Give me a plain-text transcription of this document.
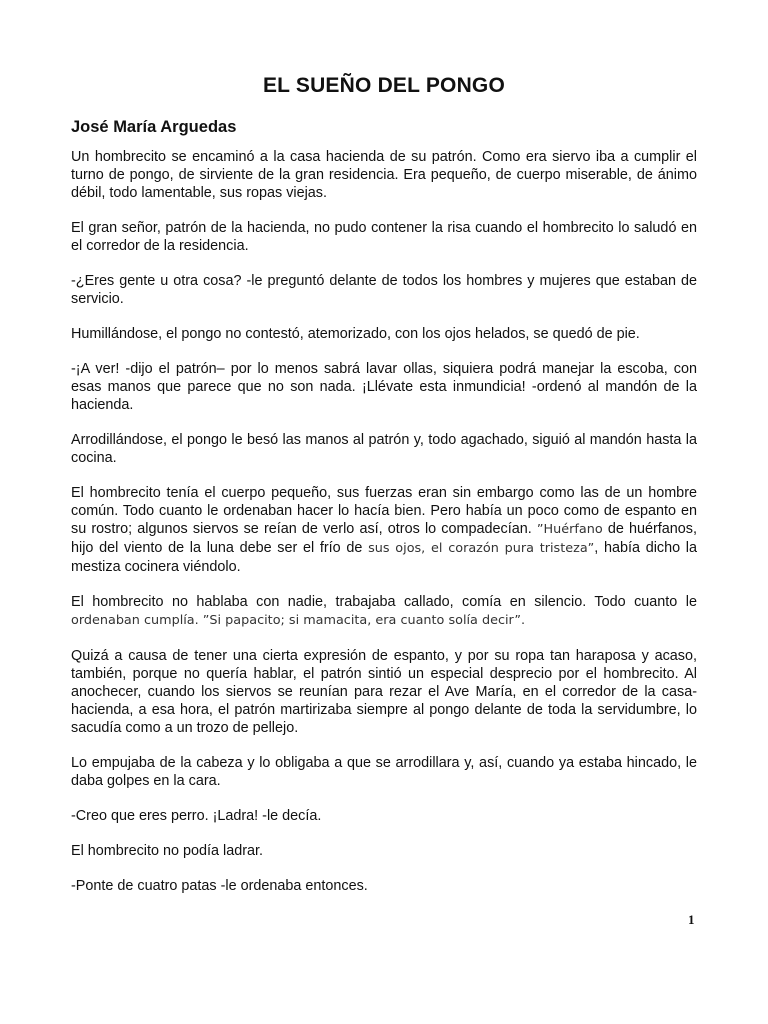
EL SUEÑO DEL PONGO
José María Arguedas

Un hombrecito se encaminó a la casa hacienda de su patrón. Como era siervo iba a cumplir el turno de pongo, de sirviente de la gran residencia. Era pequeño, de cuerpo miserable, de ánimo débil, todo lamentable, sus ropas viejas.

El gran señor, patrón de la hacienda, no pudo contener la risa cuando el hombrecito lo saludó en el corredor de la residencia.

-¿Eres gente u otra cosa? -le preguntó delante de todos los hombres y mujeres que estaban de servicio.

Humillándose, el pongo no contestó, atemorizado, con los ojos helados, se quedó de pie.

-¡A ver! -dijo el patrón– por lo menos sabrá lavar ollas, siquiera podrá manejar la escoba, con esas manos que parece que no son nada. ¡Llévate esta inmundicia! -ordenó al mandón de la hacienda.

Arrodillándose, el pongo le besó las manos al patrón y, todo agachado, siguió al mandón hasta la cocina.

El hombrecito tenía el cuerpo pequeño, sus fuerzas eran sin embargo como las de un hombre común. Todo cuanto le ordenaban hacer lo hacía bien. Pero había un poco como de espanto en su rostro; algunos siervos se reían de verlo así, otros lo compadecían. ”Huérfano de huérfanos, hijo del viento de la luna debe ser el frío de sus ojos, el corazón pura tristeza”, había dicho la mestiza cocinera viéndolo.

El hombrecito no hablaba con nadie, trabajaba callado, comía en silencio. Todo cuanto le ordenaban cumplía. ”Si papacito; si mamacita, era cuanto solía decir”.

Quizá a causa de tener una cierta expresión de espanto, y por su ropa tan haraposa y acaso, también, porque no quería hablar, el patrón sintió un especial desprecio por el hombrecito. Al anochecer, cuando los siervos se reunían para rezar el Ave María, en el corredor de la casa-hacienda, a esa hora, el patrón martirizaba siempre al pongo delante de toda la servidumbre, lo sacudía como a un trozo de pellejo.

Lo empujaba de la cabeza y lo obligaba a que se arrodillara y, así, cuando ya estaba hincado, le daba golpes en la cara.

-Creo que eres perro. ¡Ladra! -le decía.

El hombrecito no podía ladrar.

-Ponte de cuatro patas -le ordenaba entonces.

1
